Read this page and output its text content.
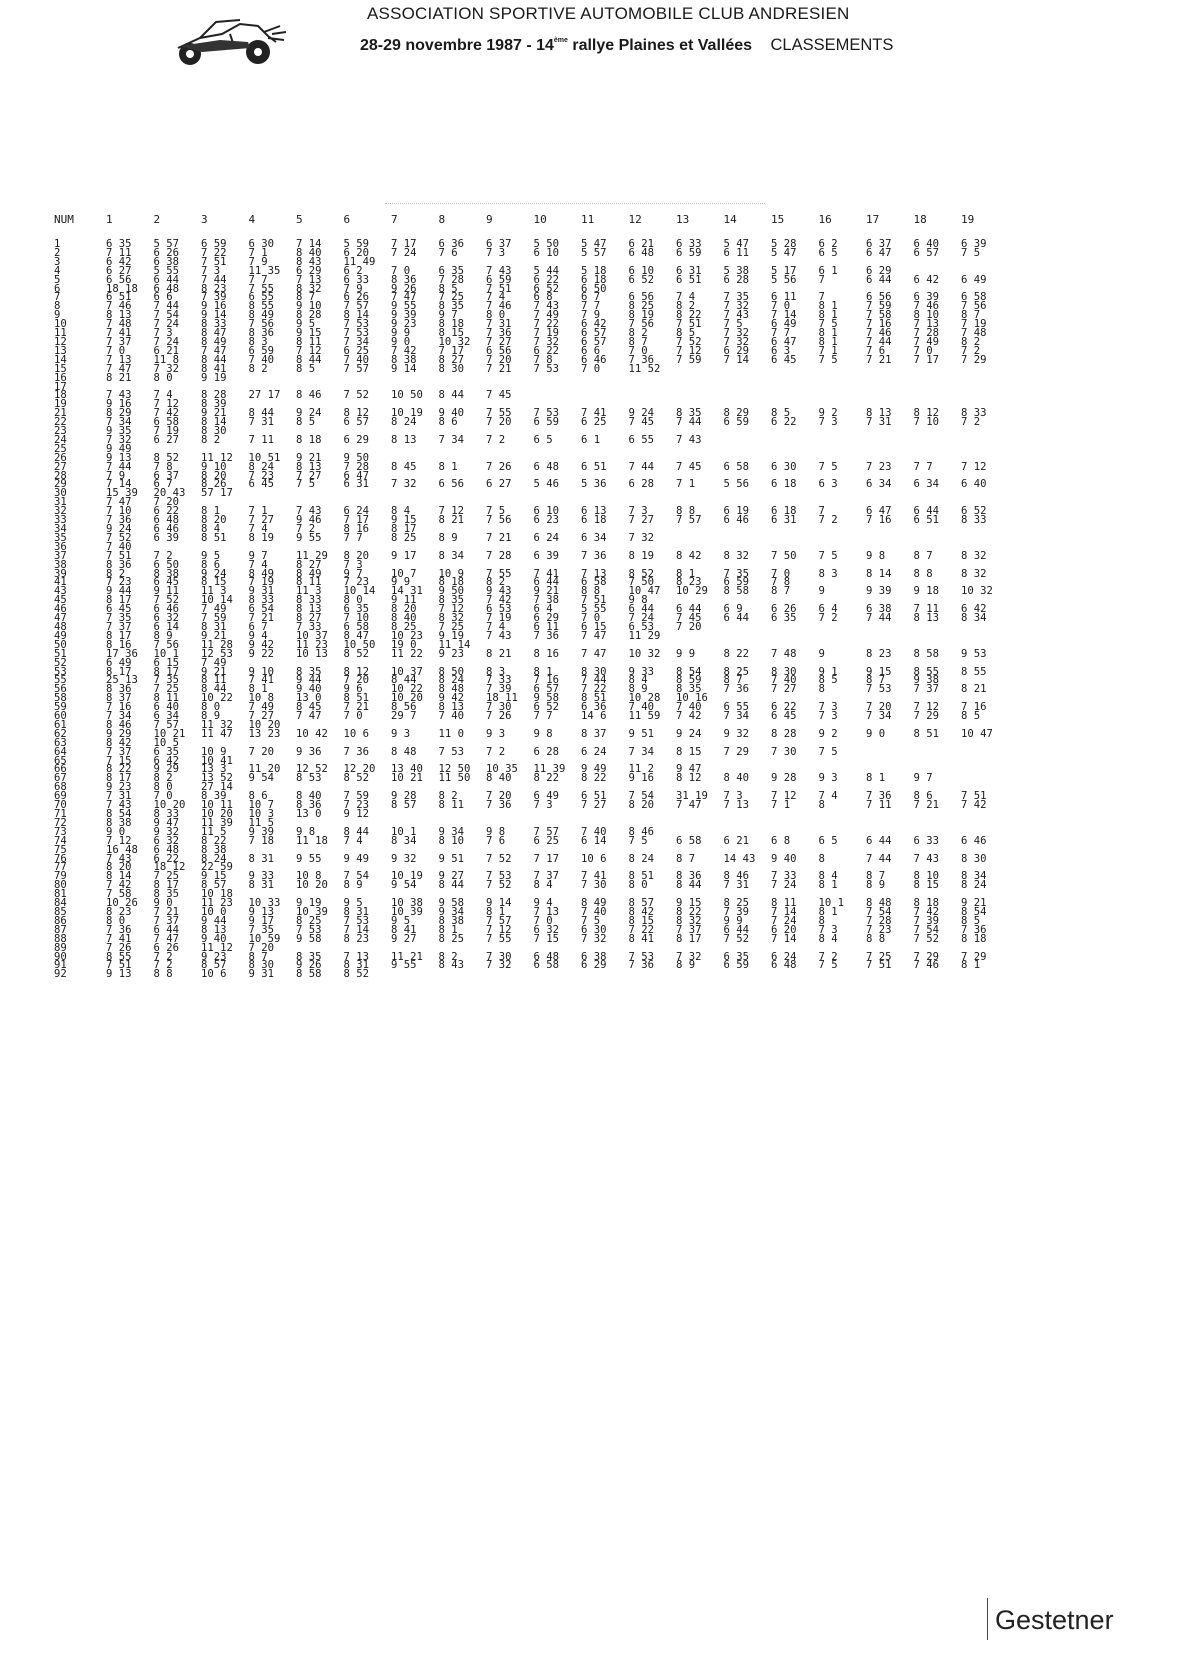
ASSOCIATION SPORTIVE AUTOMOBILE CLUB ANDRESIEN
28-29 novembre 1987 - 14ème rallye Plaines et Vallées CLASSEMENTS
NUM	1	2	3	4	5	6	7	8	9	10	11	12	13	14	15	16	17	18	19
1	6 35	5 57	6 59	6 30	7 14	5 59	7 17	6 36	6 37	5 50	5 47	6 21	6 33	5 47	5 28	6 2	6 37	6 40	6 39
2	7 11	6 26	7 22	7 1	8 40	6 20	7 24	7 6	7 3	6 10	5 57	6 48	6 59	6 11	5 47	6 5	6 47	6 57	7 5
3	6 42	6 38	7 51	7 9	8 43	11 49													
4	6 27	5 55	7 3	11 35	6 29	6 2	7 0	6 35	7 43	5 44	5 18	6 10	6 31	5 38	5 17	6 1	6 29		
5	6 56	6 44	7 44	7 7	7 13	6 33	8 36	7 28	6 59	6 22	6 18	6 52	6 51	6 28	5 56	7	6 44	6 42	6 49
6	18 18	6 48	8 23	7 55	8 32	7 9	9 26	8 5	7 51	6 52	6 50								
7	6 51	6 6	7 39	6 55	8 7	6 26	7 47	7 25	7 4	6 8	6 7	6 56	7 4	7 35	6 11	7	6 56	6 39	6 58
8	7 46	7 44	9 16	8 55	9 10	7 57	9 55	8 35	7 46	7 43	7 7	8 25	8 2	7 32	7 0	8 1	7 59	7 46	7 56
9	8 13	7 54	9 14	8 49	8 28	8 14	9 39	9 7	8 0	7 49	7 9	8 19	8 22	7 43	7 14	8 1	7 58	8 10	8 7
10	7 48	7 24	8 33	7 56	9 5	7 53	9 23	8 18	7 31	7 22	6 42	7 56	7 51	7 5	6 49	7 5	7 16	7 13	7 19
11	7 41	7 3	8 47	8 36	9 15	7 53	9 9	8 15	7 36	7 19	6 57	8 2	8 5	7 32	7 7	8 1	7 46	7 28	7 48
12	7 37	7 24	8 49	8 3	8 11	7 34	9 0	10 32	7 27	7 32	6 57	8 7	7 52	7 32	6 47	8 1	7 44	7 49	8 2
13	7 0	6 21	7 47	6 59	7 12	6 25	7 42	7 17	6 56	6 22	6 6	7 0	7 12	6 29	6 3	7 1	7 6	7 0	7 2
14	7 13	11 8	8 44	7 40	8 44	7 40	8 38	8 27	7 20	7 8	6 46	7 36	7 59	7 14	6 45	7 5	7 21	7 17	7 29
15	7 47	7 32	8 41	8 2	8 5	7 57	9 14	8 30	7 21	7 53	7 0	11 52							
16	8 21	8 0	9 19																
17																			
18	7 43	7 4	8 28	27 17	8 46	7 52	10 50	8 44	7 45										
19	9 16	7 12	8 39																
21	8 29	7 42	9 21	8 44	9 24	8 12	10 19	9 40	7 55	7 53	7 41	9 24	8 35	8 29	8 5	9 2	8 13	8 12	8 33
22	7 34	6 58	8 14	7 31	8 5	6 57	8 24	8 6	7 20	6 59	6 25	7 45	7 44	6 59	6 22	7 3	7 31	7 10	7 2
23	9 35	7 19	8 30																
24	7 32	6 27	8 2	7 11	8 18	6 29	8 13	7 34	7 2	6 5	6 1	6 55	7 43						
25	9 49																		
26	9 13	8 52	11 12	10 51	9 21	9 50													
27	7 44	7 8	9 10	8 24	8 13	7 28	8 45	8 1	7 26	6 48	6 51	7 44	7 45	6 58	6 30	7 5	7 23	7 7	7 12
28	7 9	6 37	8 20	7 23	7 27	6 47													
29	7 14	6 7	8 26	6 45	7 5	6 31	7 32	6 56	6 27	5 46	5 36	6 28	7 1	5 56	6 18	6 3	6 34	6 34	6 40
30	15 39	20 43	57 17																
31	7 47	7 20																	
32	7 10	6 22	8 1	7 1	7 43	6 24	8 4	7 12	7 5	6 10	6 13	7 3	8 8	6 19	6 18	7	6 47	6 44	6 52
33	7 36	6 48	8 20	7 27	9 46	7 17	9 15	8 21	7 56	6 23	6 18	7 27	7 57	6 46	6 31	7 2	7 16	6 51	8 33
34	9 24	6 46	8 4	7 4	7 2	8 16	8 17												
35	7 52	6 39	8 51	8 19	9 55	7 7	8 25	8 9	7 21	6 24	6 34	7 32							
36	7 40																		
37	7 51	7 2	9 5	9 7	11 29	8 20	9 17	8 34	7 28	6 39	7 36	8 19	8 42	8 32	7 50	7 5	9 8	8 7	8 32
38	8 36	6 50	8 6	7 4	8 27	7 3													
39	8 2	8 38	9 24	8 49	8 49	9 7	10 7	10 9	7 55	7 41	7 13	8 52	8 1	7 35	7 0	8 3	8 14	8 8	8 32
41	7 23	6 45	8 15	7 19	8 11	7 23	9 9	8 18	8 2	6 44	6 58	7 50	8 23	6 59	7 8				
43	9 44	9 11	11 3	9 31	11 3	10 14	14 31	9 50	9 43	9 21	8 8	10 47	10 29	8 58	8 7	9	9 39	9 18	10 32
45	8 17	7 52	10 14	8 33	8 33	8 0	9 11	8 35	7 42	7 38	7 51	9 8							
46	6 45	6 46	7 49	6 54	8 13	6 35	8 20	7 12	6 53	6 4	5 55	6 44	6 44	6 9	6 26	6 4	6 38	7 11	6 42
47	7 35	6 32	7 59	7 21	8 27	7 10	8 40	8 32	7 19	6 29	7 0	7 24	7 45	6 44	6 35	7 2	7 44	8 13	8 34
48	7 37	6 14	8 31	6 7	7 33	6 58	8 25	7 25	7 4	6 11	6 15	6 53	7 20						
49	8 17	8 9	9 21	9 4	10 37	8 47	10 23	9 19	7 43	7 36	7 47	11 29							
50	8 16	7 56	11 28	9 42	11 23	10 50	19 0	11 14											
51	17 36	10 1	12 53	9 22	10 13	8 52	11 22	9 23	8 21	8 16	7 47	10 32	9 9	8 22	7 48	9	8 23	8 58	9 53
52	6 49	6 15	7 49																
53	8 17	8 17	9 21	9 10	8 35	8 12	10 37	8 50	8 3	8 1	8 30	9 33	8 54	8 25	8 30	9 1	9 15	8 55	8 55
55	25 13	7 35	8 11	7 41	9 44	7 20	8 44	8 24	7 33	7 16	7 44	8 4	8 59	8 7	7 40	8 5	8 7	9 38	
56	8 36	7 25	8 44	8 1	9 40	9 6	10 22	8 48	7 39	6 57	7 22	8 9	8 35	7 36	7 27	8	7 53	7 37	8 21
58	8 37	8 11	10 22	10 8	13 0	8 51	10 20	9 42	18 11	9 58	8 51	10 28	10 16						
59	7 16	6 40	8 0	7 49	8 45	7 21	8 56	8 13	7 30	6 52	6 36	7 40	7 40	6 55	6 22	7 3	7 20	7 12	7 16
60	7 34	6 34	8 9	7 27	7 47	7 0	29 7	7 40	7 26	7 7	14 6	11 59	7 42	7 34	6 45	7 3	7 34	7 29	8 5
61	8 46	7 57	11 32	10 20															
62	9 29	10 21	11 47	13 23	10 42	10 6	9 3	11 0	9 3	9 8	8 37	9 51	9 24	9 32	8 28	9 2	9 0	8 51	10 47
63	8 42	10 5																	
64	7 37	6 35	10 9	7 20	9 36	7 36	8 48	7 53	7 2	6 28	6 24	7 34	8 15	7 29	7 30	7 5			
65	7 15	6 42	10 41																
66	8 22	9 29	13 3	11 20	12 52	12 20	13 40	12 50	10 35	11 39	9 49	11 2	9 47						
67	8 17	8 2	13 52	9 54	8 53	8 52	10 21	11 50	8 40	8 22	8 22	9 16	8 12	8 40	9 28	9 3	8 1	9 7	
68	9 23	8 0	27 14																
69	7 31	7 0	8 39	8 6	8 40	7 59	9 28	8 2	7 20	6 49	6 51	7 54	31 19	7 3	7 12	7 4	7 36	8 6	7 51
70	7 43	10 20	10 11	10 7	8 36	7 23	8 57	8 11	7 36	7 3	7 27	8 20	7 47	7 13	7 1	8	7 11	7 21	7 42
71	8 54	8 33	10 20	10 3	13 0	9 12													
72	8 38	9 47	11 39	11 5															
73	9 0	9 32	11 5	9 39	9 8	8 44	10 1	9 34	9 8	7 57	7 40	8 46							
74	7 12	6 32	8 22	7 18	11 18	7 4	8 34	8 10	7 6	6 25	6 14	7 5	6 58	6 21	6 8	6 5	6 44	6 33	6 46
75	16 48	6 48	8 38																
76	7 43	6 22	8 24	8 31	9 55	9 49	9 32	9 51	7 52	7 17	10 6	8 24	8 7	14 43	9 40	8	7 44	7 43	8 30
77	8 20	18 12	22 59																
79	8 14	7 25	9 15	9 33	10 8	7 54	10 19	9 27	7 53	7 37	7 41	8 51	8 36	8 46	7 33	8 4	8 7	8 10	8 34
80	7 42	8 17	8 57	8 31	10 20	8 9	9 54	8 44	7 52	8 4	7 30	8 0	8 44	7 31	7 24	8 1	8 9	8 15	8 24
81	7 58	8 35	10 18																
84	10 26	9 0	11 23	10 33	9 19	9 5	10 38	9 58	9 14	9 4	8 49	8 57	9 15	8 25	8 11	10 1	8 48	8 18	9 21
85	8 23	7 21	10 0	9 13	10 39	8 31	10 39	9 34	8 1	7 13	7 40	8 42	8 22	7 39	7 14	8 1	7 54	7 42	8 54
86	8 0	7 37	9 44	9 17	8 25	7 53	9 5	8 38	7 57	7 0	7 5	8 15	8 32	9 9	7 24	8	7 28	7 39	8 5
87	7 36	6 44	8 13	7 35	7 53	7 14	8 41	8 1	7 12	6 32	6 30	7 22	7 37	6 44	6 20	7 3	7 23	7 54	7 36
88	7 41	7 47	9 40	10 59	9 58	8 23	9 27	8 25	7 55	7 15	7 32	8 41	8 17	7 52	7 14	8 4	8 8	7 52	8 18
89	7 26	6 26	11 12	7 20															
90	8 55	7 2	9 23	8 7	8 35	7 13	11 21	8 2	7 30	6 48	6 38	7 53	7 32	6 35	6 24	7 2	7 25	7 29	7 29
91	7 51	7 2	8 57	8 30	9 26	8 31	9 55	8 43	7 32	6 58	6 29	7 36	8 9	6 59	6 48	7 5	7 51	7 46	8 1
92	9 13	8 8	10 6	9 31	8 58	8 52													
Gestetner
